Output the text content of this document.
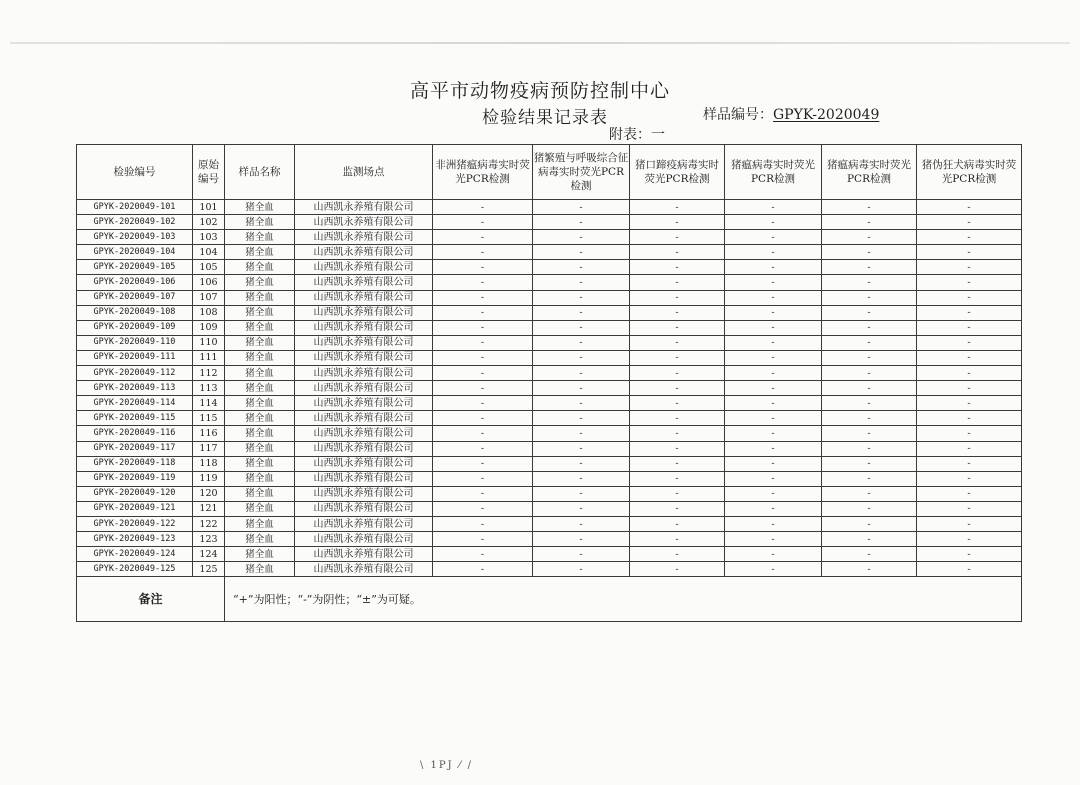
高平市动物疫病预防控制中心
检验结果记录表	样品编号：GPYK-2020049
附表：一
检验编号	原始编号	样品名称	监测场点	非洲猪瘟病毒实时荧光PCR检测	猪繁殖与呼吸综合征病毒实时荧光PCR检测	猪口蹄疫病毒实时荧光PCR检测	猪瘟病毒实时荧光PCR检测	猪瘟病毒实时荧光PCR检测	猪伪狂犬病毒实时荧光PCR检测
GPYK-2020049-101	101	猪全血	山西凯永养殖有限公司	-	-	-	-	-	-
GPYK-2020049-102	102	猪全血	山西凯永养殖有限公司	-	-	-	-	-	-
GPYK-2020049-103	103	猪全血	山西凯永养殖有限公司	-	-	-	-	-	-
GPYK-2020049-104	104	猪全血	山西凯永养殖有限公司	-	-	-	-	-	-
GPYK-2020049-105	105	猪全血	山西凯永养殖有限公司	-	-	-	-	-	-
GPYK-2020049-106	106	猪全血	山西凯永养殖有限公司	-	-	-	-	-	-
GPYK-2020049-107	107	猪全血	山西凯永养殖有限公司	-	-	-	-	-	-
GPYK-2020049-108	108	猪全血	山西凯永养殖有限公司	-	-	-	-	-	-
GPYK-2020049-109	109	猪全血	山西凯永养殖有限公司	-	-	-	-	-	-
GPYK-2020049-110	110	猪全血	山西凯永养殖有限公司	-	-	-	-	-	-
GPYK-2020049-111	111	猪全血	山西凯永养殖有限公司	-	-	-	-	-	-
GPYK-2020049-112	112	猪全血	山西凯永养殖有限公司	-	-	-	-	-	-
GPYK-2020049-113	113	猪全血	山西凯永养殖有限公司	-	-	-	-	-	-
GPYK-2020049-114	114	猪全血	山西凯永养殖有限公司	-	-	-	-	-	-
GPYK-2020049-115	115	猪全血	山西凯永养殖有限公司	-	-	-	-	-	-
GPYK-2020049-116	116	猪全血	山西凯永养殖有限公司	-	-	-	-	-	-
GPYK-2020049-117	117	猪全血	山西凯永养殖有限公司	-	-	-	-	-	-
GPYK-2020049-118	118	猪全血	山西凯永养殖有限公司	-	-	-	-	-	-
GPYK-2020049-119	119	猪全血	山西凯永养殖有限公司	-	-	-	-	-	-
GPYK-2020049-120	120	猪全血	山西凯永养殖有限公司	-	-	-	-	-	-
GPYK-2020049-121	121	猪全血	山西凯永养殖有限公司	-	-	-	-	-	-
GPYK-2020049-122	122	猪全血	山西凯永养殖有限公司	-	-	-	-	-	-
GPYK-2020049-123	123	猪全血	山西凯永养殖有限公司	-	-	-	-	-	-
GPYK-2020049-124	124	猪全血	山西凯永养殖有限公司	-	-	-	-	-	-
GPYK-2020049-125	125	猪全血	山西凯永养殖有限公司	-	-	-	-	-	-
备注		“+”为阳性；“-”为阴性；“±”为可疑。							
\ 1PJ ⁄ /
